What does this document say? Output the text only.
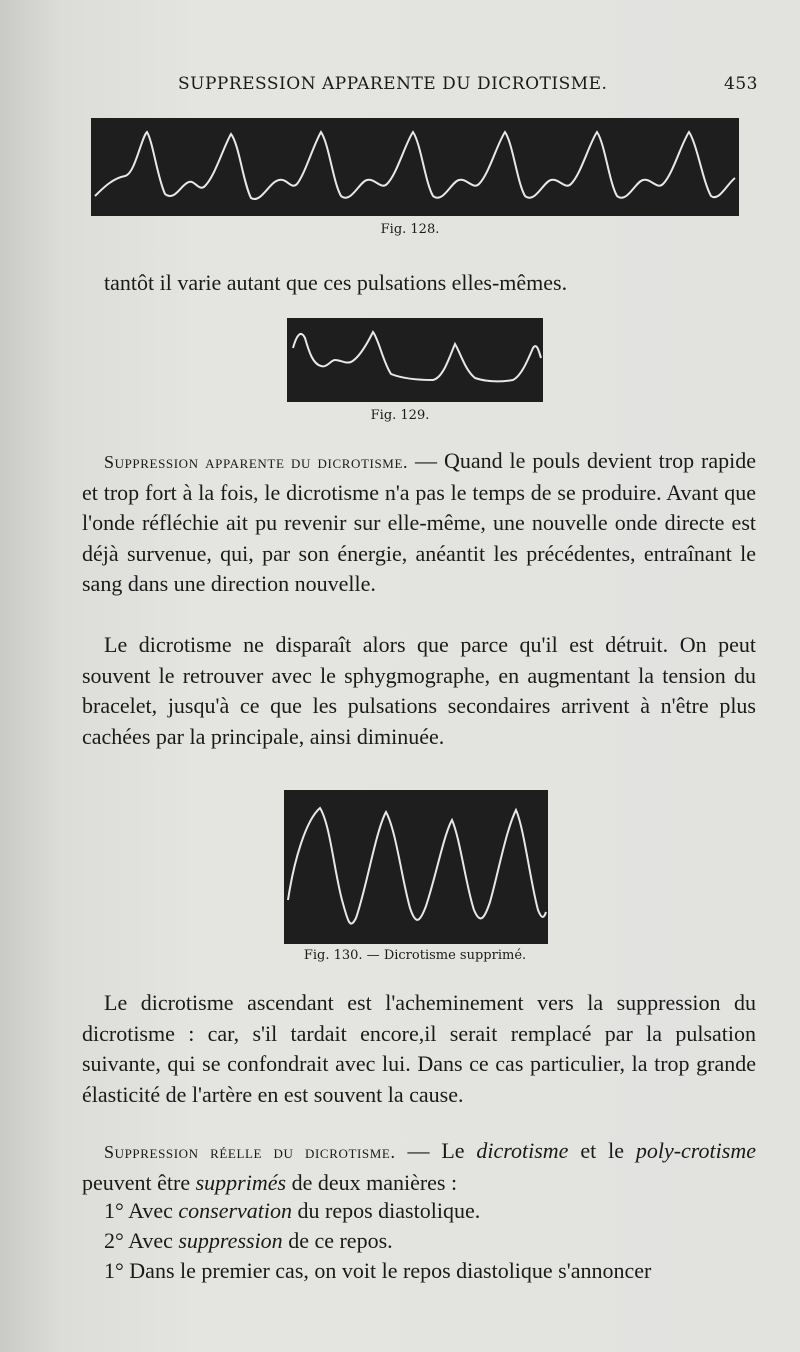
SUPPRESSION APPARENTE DU DICROTISME.	453
Fig. 128.

tantôt il varie autant que ces pulsations elles-mêmes.

Fig. 129.

Suppression apparente du dicrotisme. — Quand le pouls devient trop rapide et trop fort à la fois, le dicrotisme n'a pas le temps de se produire. Avant que l'onde réfléchie ait pu revenir sur elle-même, une nouvelle onde directe est déjà survenue, qui, par son énergie, anéantit les précédentes, entraînant le sang dans une direction nouvelle.

Le dicrotisme ne disparaît alors que parce qu'il est détruit. On peut souvent le retrouver avec le sphygmographe, en augmentant la tension du bracelet, jusqu'à ce que les pulsations secondaires arrivent à n'être plus cachées par la principale, ainsi diminuée.

Fig. 130. — Dicrotisme supprimé.

Le dicrotisme ascendant est l'acheminement vers la suppression du dicrotisme : car, s'il tardait encore,il serait remplacé par la pulsation suivante, qui se confondrait avec lui. Dans ce cas particulier, la trop grande élasticité de l'artère en est souvent la cause.

Suppression réelle du dicrotisme. — Le dicrotisme et le poly-crotisme peuvent être supprimés de deux manières :

1° Avec conservation du repos diastolique.

2° Avec suppression de ce repos.

1° Dans le premier cas, on voit le repos diastolique s'annoncer
